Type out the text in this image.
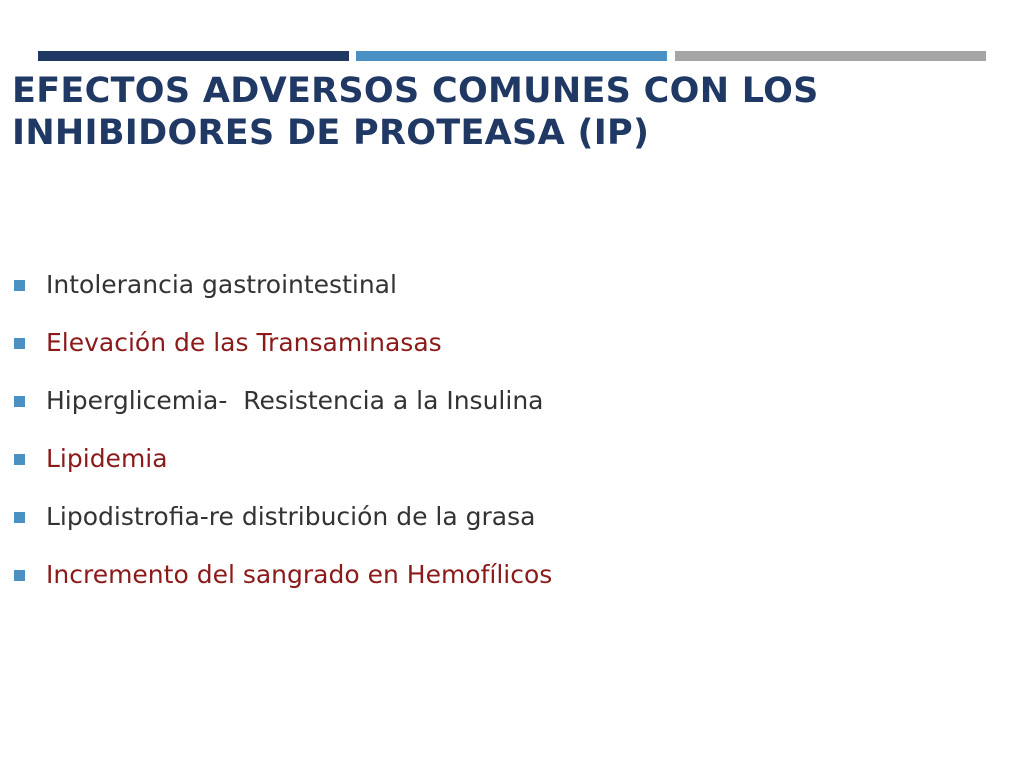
EFECTOS ADVERSOS COMUNES CON LOS
INHIBIDORES DE PROTEASA (IP)
Intolerancia gastrointestinal
Elevación de las Transaminasas
Hiperglicemia-  Resistencia a la Insulina
Lipidemia
Lipodistrofia-re distribución de la grasa
Incremento del sangrado en Hemofílicos
